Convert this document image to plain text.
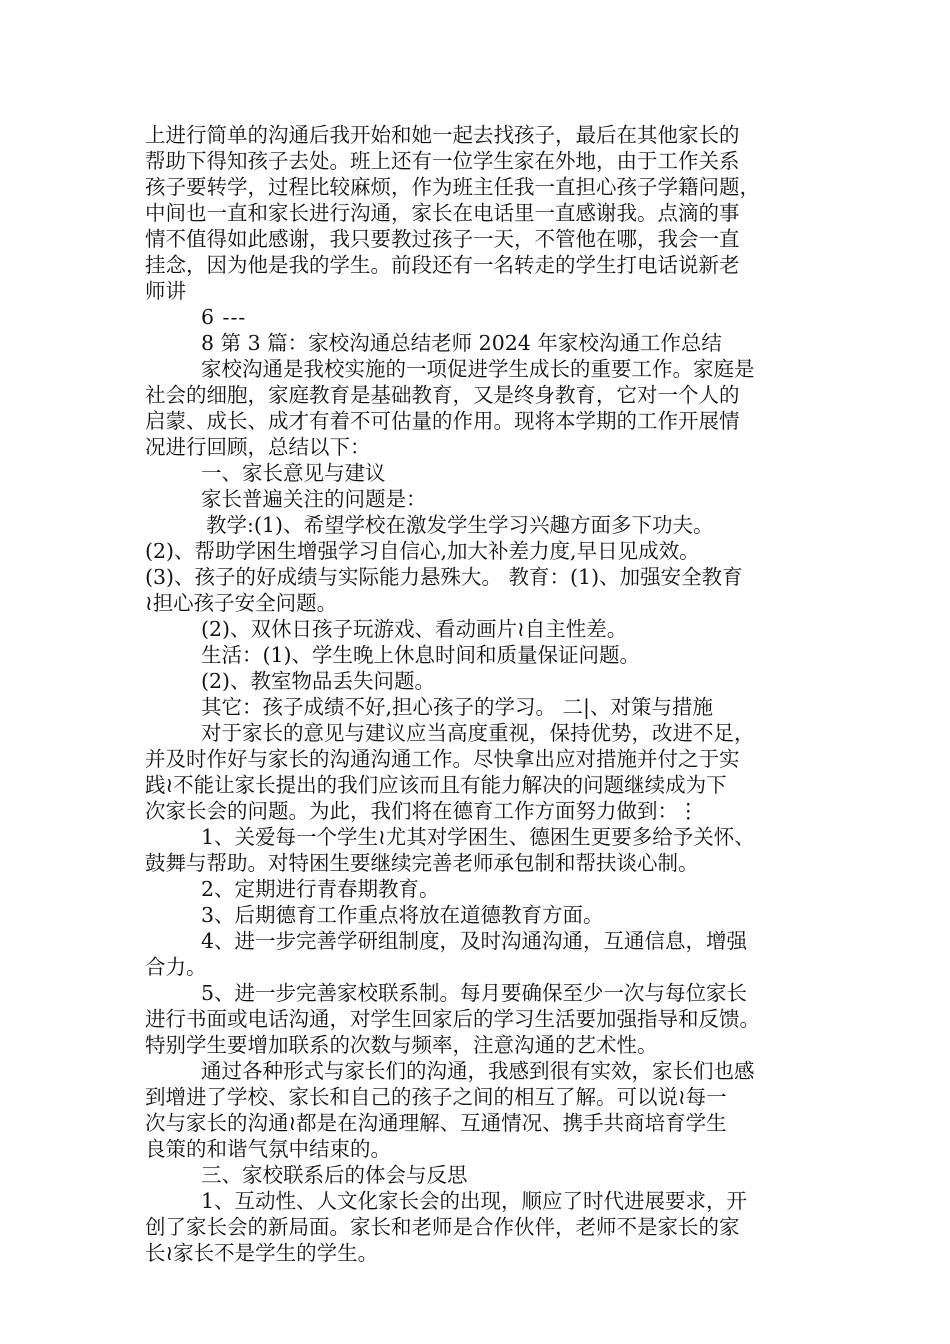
上进行简单的沟通后我开始和她一起去找孩子，最后在其他家长的
帮助下得知孩子去处。班上还有一位学生家在外地，由于工作关系
孩子要转学，过程比较麻烦，作为班主任我一直担心孩子学籍问题，
中间也一直和家长进行沟通，家长在电话里一直感谢我。点滴的事
情不值得如此感谢，我只要教过孩子一天，不管他在哪，我会一直
挂念，因为他是我的学生。前段还有一名转走的学生打电话说新老
师讲
6 ---
8 第 3 篇：家校沟通总结老师 2024 年家校沟通工作总结
家校沟通是我校实施的一项促进学生成长的重要工作。家庭是
社会的细胞，家庭教育是基础教育，又是终身教育，它对一个人的
启蒙、成长、成才有着不可估量的作用。现将本学期的工作开展情
况进行回顾，总结以下：
一、家长意见与建议
家长普遍关注的问题是：
教学:(1)、希望学校在激发学生学习兴趣方面多下功夫。
(2)、帮助学困生增强学习自信心,加大补差力度,早日见成效。
(3)、孩子的好成绩与实际能力悬殊大。 教育：(1)、加强安全教育
≀担心孩子安全问题。
(2)、双休日孩子玩游戏、看动画片≀自主性差。
生活：(1)、学生晚上休息时间和质量保证问题。
(2)、教室物品丢失问题。
其它：孩子成绩不好,担心孩子的学习。 二|、对策与措施
对于家长的意见与建议应当高度重视，保持优势，改进不足，
并及时作好与家长的沟通沟通工作。尽快拿出应对措施并付之于实
践≀不能让家长提出的我们应该而且有能力解决的问题继续成为下
次家长会的问题。为此，我们将在德育工作方面努力做到：⋮
1、关爱每一个学生≀尤其对学困生、德困生更要多给予关怀、
鼓舞与帮助。对特困生要继续完善老师承包制和帮扶谈心制。
2、定期进行青春期教育。
3、后期德育工作重点将放在道德教育方面。
4、进一步完善学研组制度，及时沟通沟通，互通信息，增强
合力。
5、进一步完善家校联系制。每月要确保至少一次与每位家长
进行书面或电话沟通，对学生回家后的学习生活要加强指导和反馈。
特别学生要增加联系的次数与频率，注意沟通的艺术性。
通过各种形式与家长们的沟通，我感到很有实效，家长们也感
到增进了学校、家长和自己的孩子之间的相互了解。可以说≀每一
次与家长的沟通≀都是在沟通理解、互通情况、携手共商培育学生
良策的和谐气氛中结束的。
三、家校联系后的体会与反思
1、互动性、人文化家长会的出现，顺应了时代进展要求，开
创了家长会的新局面。家长和老师是合作伙伴，老师不是家长的家
长≀家长不是学生的学生。
